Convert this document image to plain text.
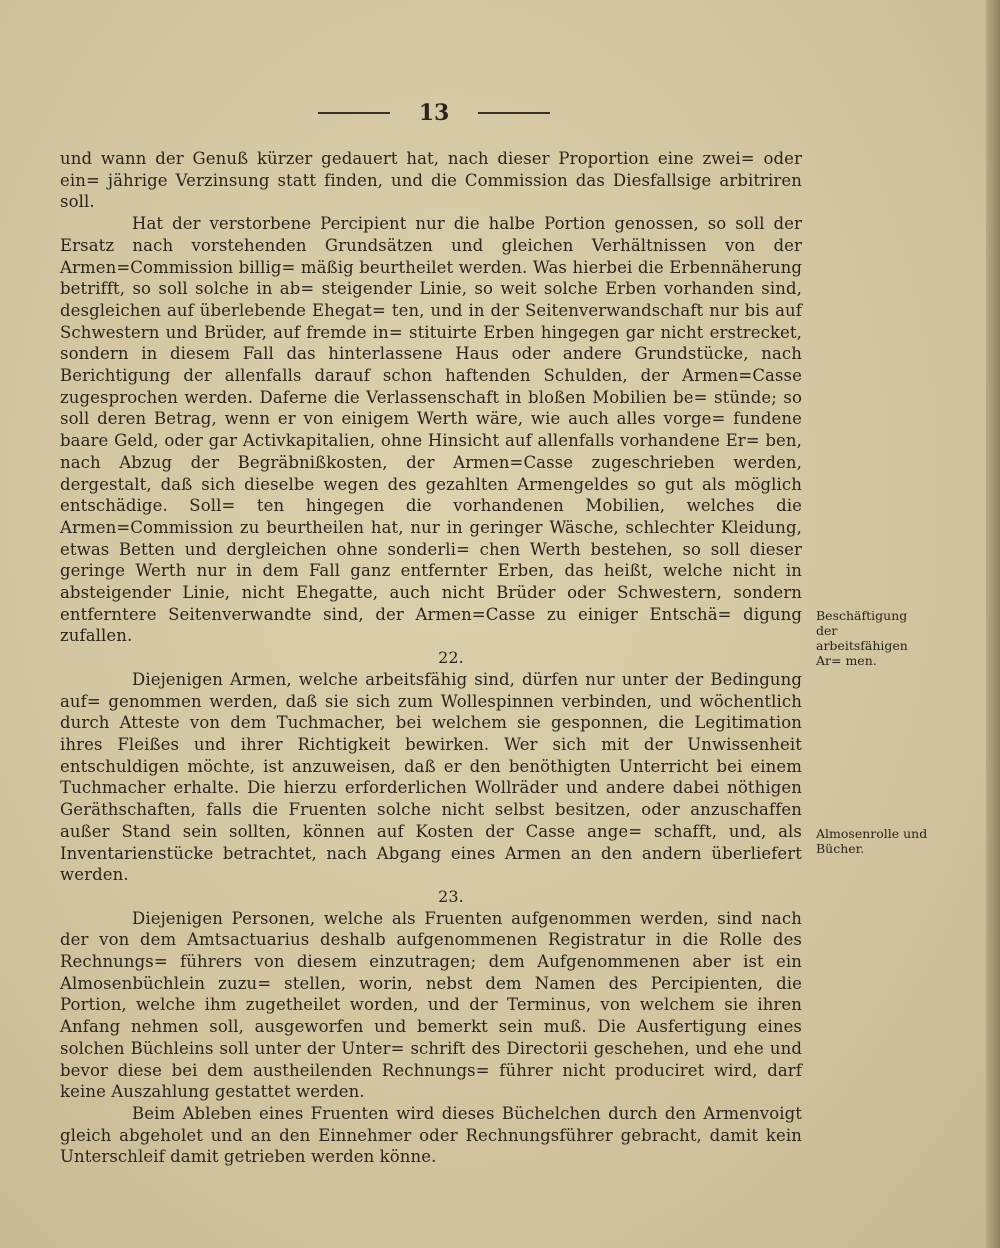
13

und wann der Genuß kürzer gedauert hat, nach dieser Proportion eine zwei= oder ein= jährige Verzinsung statt finden, und die Commission das Diesfallsige arbitriren soll.

Hat der verstorbene Percipient nur die halbe Portion genossen, so soll der Ersatz nach vorstehenden Grundsätzen und gleichen Verhältnissen von der Armen=Commission billig= mäßig beurtheilet werden. Was hierbei die Erbennäherung betrifft, so soll solche in ab= steigender Linie, so weit solche Erben vorhanden sind, desgleichen auf überlebende Ehegat= ten, und in der Seitenverwandschaft nur bis auf Schwestern und Brüder, auf fremde in= stituirte Erben hingegen gar nicht erstrecket, sondern in diesem Fall das hinterlassene Haus oder andere Grundstücke, nach Berichtigung der allenfalls darauf schon haftenden Schulden, der Armen=Casse zugesprochen werden. Daferne die Verlassenschaft in bloßen Mobilien be= stünde; so soll deren Betrag, wenn er von einigem Werth wäre, wie auch alles vorge= fundene baare Geld, oder gar Activkapitalien, ohne Hinsicht auf allenfalls vorhandene Er= ben, nach Abzug der Begräbnißkosten, der Armen=Casse zugeschrieben werden, dergestalt, daß sich dieselbe wegen des gezahlten Armengeldes so gut als möglich entschädige. Soll= ten hingegen die vorhandenen Mobilien, welches die Armen=Commission zu beurtheilen hat, nur in geringer Wäsche, schlechter Kleidung, etwas Betten und dergleichen ohne sonderli= chen Werth bestehen, so soll dieser geringe Werth nur in dem Fall ganz entfernter Erben, das heißt, welche nicht in absteigender Linie, nicht Ehegatte, auch nicht Brüder oder Schwestern, sondern entferntere Seitenverwandte sind, der Armen=Casse zu einiger Entschä= digung zufallen.

22.

Diejenigen Armen, welche arbeitsfähig sind, dürfen nur unter der Bedingung auf= genommen werden, daß sie sich zum Wollespinnen verbinden, und wöchentlich durch Atteste von dem Tuchmacher, bei welchem sie gesponnen, die Legitimation ihres Fleißes und ihrer Richtigkeit bewirken. Wer sich mit der Unwissenheit entschuldigen möchte, ist anzuweisen, daß er den benöthigten Unterricht bei einem Tuchmacher erhalte. Die hierzu erforderlichen Wollräder und andere dabei nöthigen Geräthschaften, falls die Fruenten solche nicht selbst besitzen, oder anzuschaffen außer Stand sein sollten, können auf Kosten der Casse ange= schafft, und, als Inventarienstücke betrachtet, nach Abgang eines Armen an den andern überliefert werden.

23.

Diejenigen Personen, welche als Fruenten aufgenommen werden, sind nach der von dem Amtsactuarius deshalb aufgenommenen Registratur in die Rolle des Rechnungs= führers von diesem einzutragen; dem Aufgenommenen aber ist ein Almosenbüchlein zuzu= stellen, worin, nebst dem Namen des Percipienten, die Portion, welche ihm zugetheilet worden, und der Terminus, von welchem sie ihren Anfang nehmen soll, ausgeworfen und bemerkt sein muß. Die Ausfertigung eines solchen Büchleins soll unter der Unter= schrift des Directorii geschehen, und ehe und bevor diese bei dem austheilenden Rechnungs= führer nicht produciret wird, darf keine Auszahlung gestattet werden.

Beim Ableben eines Fruenten wird dieses Büchelchen durch den Armenvoigt gleich abgeholet und an den Einnehmer oder Rechnungsführer gebracht, damit kein Unterschleif damit getrieben werden könne.

Beschäftigung der arbeitsfähigen Ar= men.
Almosenrolle und Bücher.
